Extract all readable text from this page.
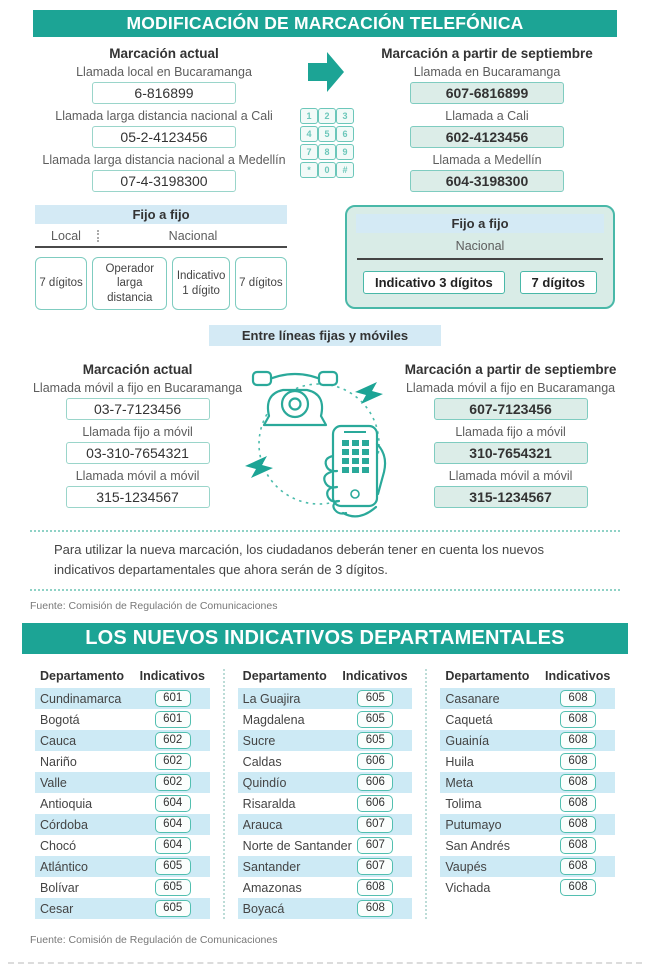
MODIFICACIÓN DE MARCACIÓN TELEFÓNICA
Marcación actual
Llamada local en Bucaramanga
6-816899
Llamada larga distancia nacional a Cali
05-2-4123456
Llamada larga distancia nacional a Medellín
07-4-3198300
1	2	3
4	5	6
7	8	9
*	0	#
Marcación a partir de septiembre
Llamada en Bucaramanga
607-6816899
Llamada a Cali
602-4123456
Llamada a Medellín
604-3198300
Fijo a fijo
Local	Nacional
7 dígitos
Operador larga distancia
Indicativo 1 dígito
7 dígitos
Fijo a fijo
Nacional
Indicativo 3 dígitos	7 dígitos
Entre líneas fijas y móviles
Marcación actual
Llamada móvil a fijo en Bucaramanga
03-7-7123456
Llamada fijo a móvil
03-310-7654321
Llamada móvil a móvil
315-1234567
Marcación a partir de septiembre
Llamada móvil a fijo en Bucaramanga
607-7123456
Llamada fijo a móvil
310-7654321
Llamada móvil a móvil
315-1234567
Para utilizar la nueva marcación, los ciudadanos deberán tener en cuenta los nuevos indicativos departamentales que ahora serán de 3 dígitos.
Fuente: Comisión de Regulación de Comunicaciones
LOS NUEVOS INDICATIVOS DEPARTAMENTALES
Departamento	Indicativos
Cundinamarca	601
Bogotá	601
Cauca	602
Nariño	602
Valle	602
Antioquia	604
Córdoba	604
Chocó	604
Atlántico	605
Bolívar	605
Cesar	605
Departamento	Indicativos
La Guajira	605
Magdalena	605
Sucre	605
Caldas	606
Quindío	606
Risaralda	606
Arauca	607
Norte de Santander	607
Santander	607
Amazonas	608
Boyacá	608
Departamento	Indicativos
Casanare	608
Caquetá	608
Guainía	608
Huila	608
Meta	608
Tolima	608
Putumayo	608
San Andrés	608
Vaupés	608
Vichada	608
Fuente: Comisión de Regulación de Comunicaciones
